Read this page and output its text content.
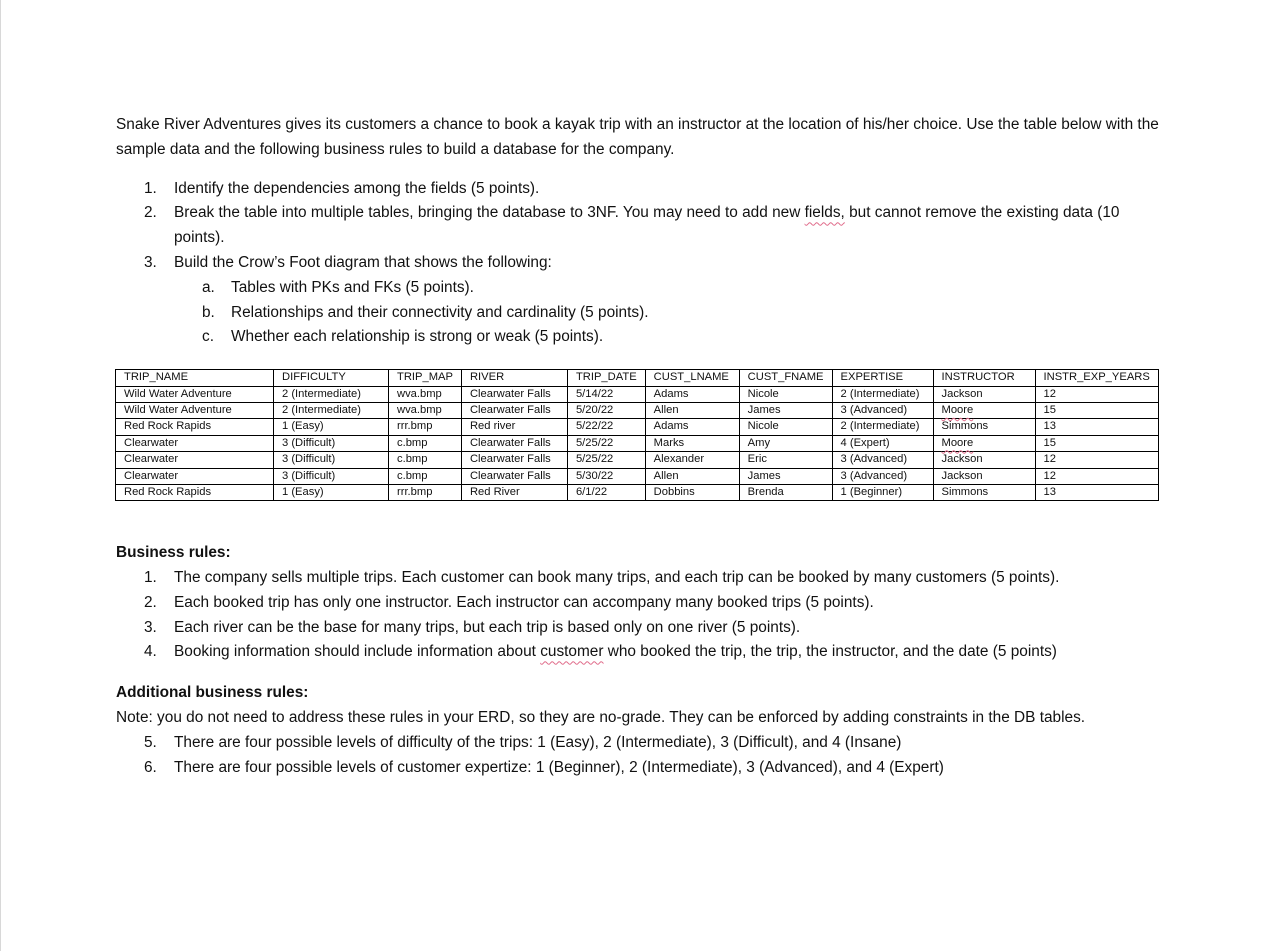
Snake River Adventures gives its customers a chance to book a kayak trip with an instructor at the location of his/her choice. Use the table below with the sample data and the following business rules to build a database for the company.

1. Identify the dependencies among the fields (5 points).
2. Break the table into multiple tables, bringing the database to 3NF. You may need to add new fields, but cannot remove the existing data (10 points).
3. Build the Crow’s Foot diagram that shows the following:
a. Tables with PKs and FKs (5 points).
b. Relationships and their connectivity and cardinality (5 points).
c. Whether each relationship is strong or weak (5 points).
TRIP_NAME	DIFFICULTY	TRIP_MAP	RIVER	TRIP_DATE	CUST_LNAME	CUST_FNAME	EXPERTISE	INSTRUCTOR	INSTR_EXP_YEARS
Wild Water Adventure	2 (Intermediate)	wva.bmp	Clearwater Falls	5/14/22	Adams	Nicole	2 (Intermediate)	Jackson	12
Wild Water Adventure	2 (Intermediate)	wva.bmp	Clearwater Falls	5/20/22	Allen	James	3 (Advanced)	Moore	15
Red Rock Rapids	1 (Easy)	rrr.bmp	Red river	5/22/22	Adams	Nicole	2 (Intermediate)	Simmons	13
Clearwater	3 (Difficult)	c.bmp	Clearwater Falls	5/25/22	Marks	Amy	4 (Expert)	Moore	15
Clearwater	3 (Difficult)	c.bmp	Clearwater Falls	5/25/22	Alexander	Eric	3 (Advanced)	Jackson	12
Clearwater	3 (Difficult)	c.bmp	Clearwater Falls	5/30/22	Allen	James	3 (Advanced)	Jackson	12
Red Rock Rapids	1 (Easy)	rrr.bmp	Red River	6/1/22	Dobbins	Brenda	1 (Beginner)	Simmons	13
Business rules:
1. The company sells multiple trips. Each customer can book many trips, and each trip can be booked by many customers (5 points).
2. Each booked trip has only one instructor. Each instructor can accompany many booked trips (5 points).
3. Each river can be the base for many trips, but each trip is based only on one river (5 points).
4. Booking information should include information about customer who booked the trip, the trip, the instructor, and the date (5 points)
Additional business rules:
Note: you do not need to address these rules in your ERD, so they are no-grade. They can be enforced by adding constraints in the DB tables.
5. There are four possible levels of difficulty of the trips: 1 (Easy), 2 (Intermediate), 3 (Difficult), and 4 (Insane)
6. There are four possible levels of customer expertize: 1 (Beginner), 2 (Intermediate), 3 (Advanced), and 4 (Expert)
